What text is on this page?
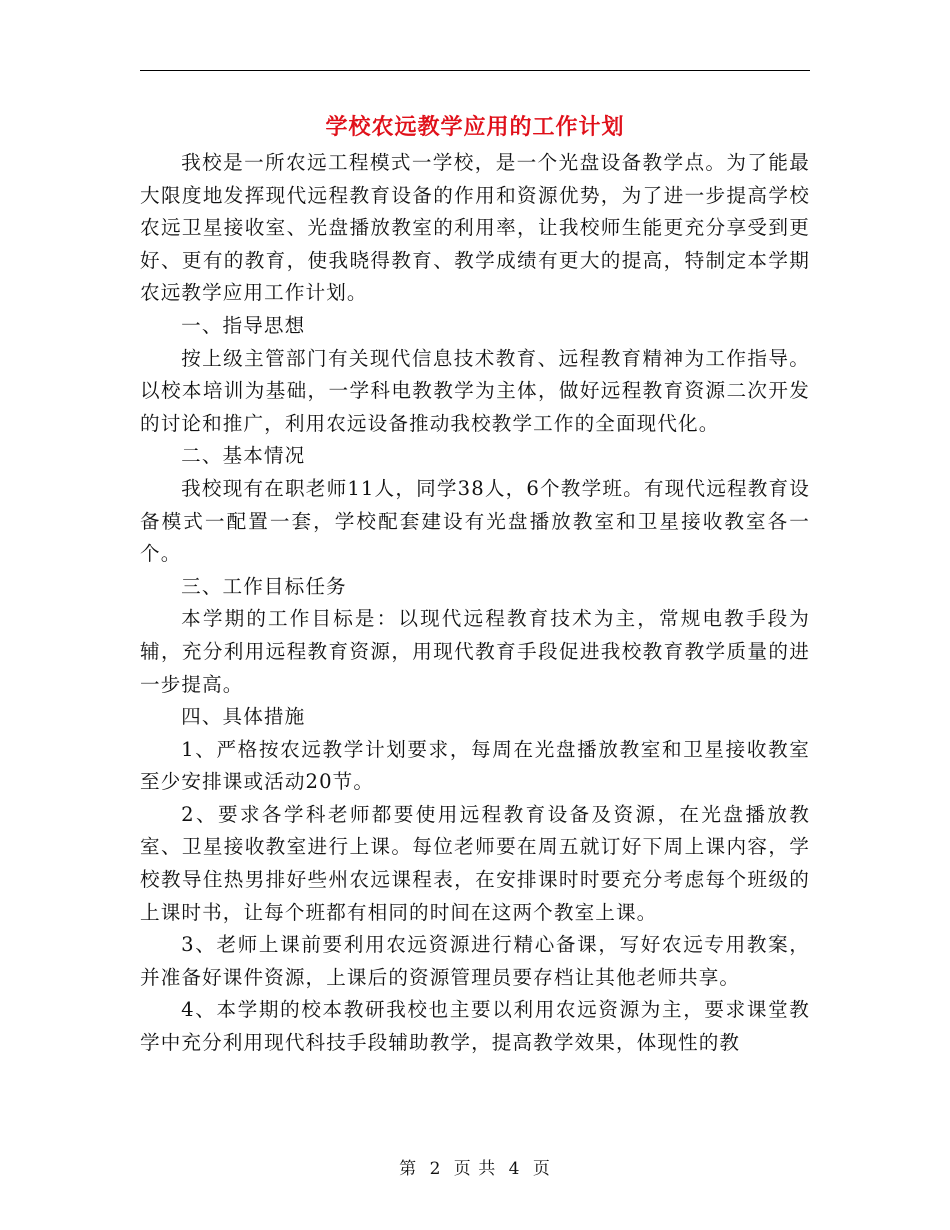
学校农远教学应用的工作计划

我校是一所农远工程模式一学校，是一个光盘设备教学点。为了能最大限度地发挥现代远程教育设备的作用和资源优势，为了进一步提高学校农远卫星接收室、光盘播放教室的利用率，让我校师生能更充分享受到更好、更有的教育，使我晓得教育、教学成绩有更大的提高，特制定本学期农远教学应用工作计划。

一、指导思想

按上级主管部门有关现代信息技术教育、远程教育精神为工作指导。以校本培训为基础，一学科电教教学为主体，做好远程教育资源二次开发的讨论和推广，利用农远设备推动我校教学工作的全面现代化。

二、基本情况

我校现有在职老师11人，同学38人，6个教学班。有现代远程教育设备模式一配置一套，学校配套建设有光盘播放教室和卫星接收教室各一个。

三、工作目标任务

本学期的工作目标是：以现代远程教育技术为主，常规电教手段为辅，充分利用远程教育资源，用现代教育手段促进我校教育教学质量的进一步提高。

四、具体措施

1、严格按农远教学计划要求，每周在光盘播放教室和卫星接收教室至少安排课或活动20节。

2、要求各学科老师都要使用远程教育设备及资源，在光盘播放教室、卫星接收教室进行上课。每位老师要在周五就订好下周上课内容，学校教导住热男排好些州农远课程表，在安排课时时要充分考虑每个班级的上课时书，让每个班都有相同的时间在这两个教室上课。

3、老师上课前要利用农远资源进行精心备课，写好农远专用教案，并准备好课件资源，上课后的资源管理员要存档让其他老师共享。

4、本学期的校本教研我校也主要以利用农远资源为主，要求课堂教学中充分利用现代科技手段辅助教学，提高教学效果，体现性的教

第 2 页 共 4 页
